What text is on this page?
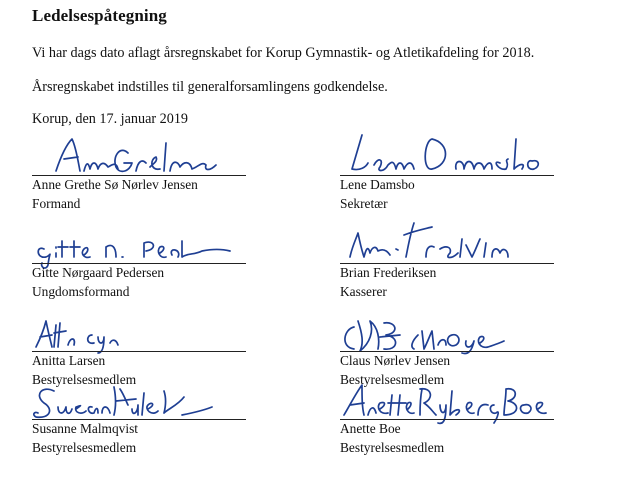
Ledelsespåtegning
Vi har dags dato aflagt årsregnskabet for Korup Gymnastik- og Atletikafdeling for 2018.
Årsregnskabet indstilles til generalforsamlingens godkendelse.
Korup, den 17. januar 2019
Anne Grethe Sø Nørlev Jensen
Formand
Lene Damsbo
Sekretær
Gitte Nørgaard Pedersen
Ungdomsformand
Brian Frederiksen
Kasserer
Anitta Larsen
Bestyrelsesmedlem
Claus Nørlev Jensen
Bestyrelsesmedlem
Susanne Malmqvist
Bestyrelsesmedlem
Anette Boe
Bestyrelsesmedlem
